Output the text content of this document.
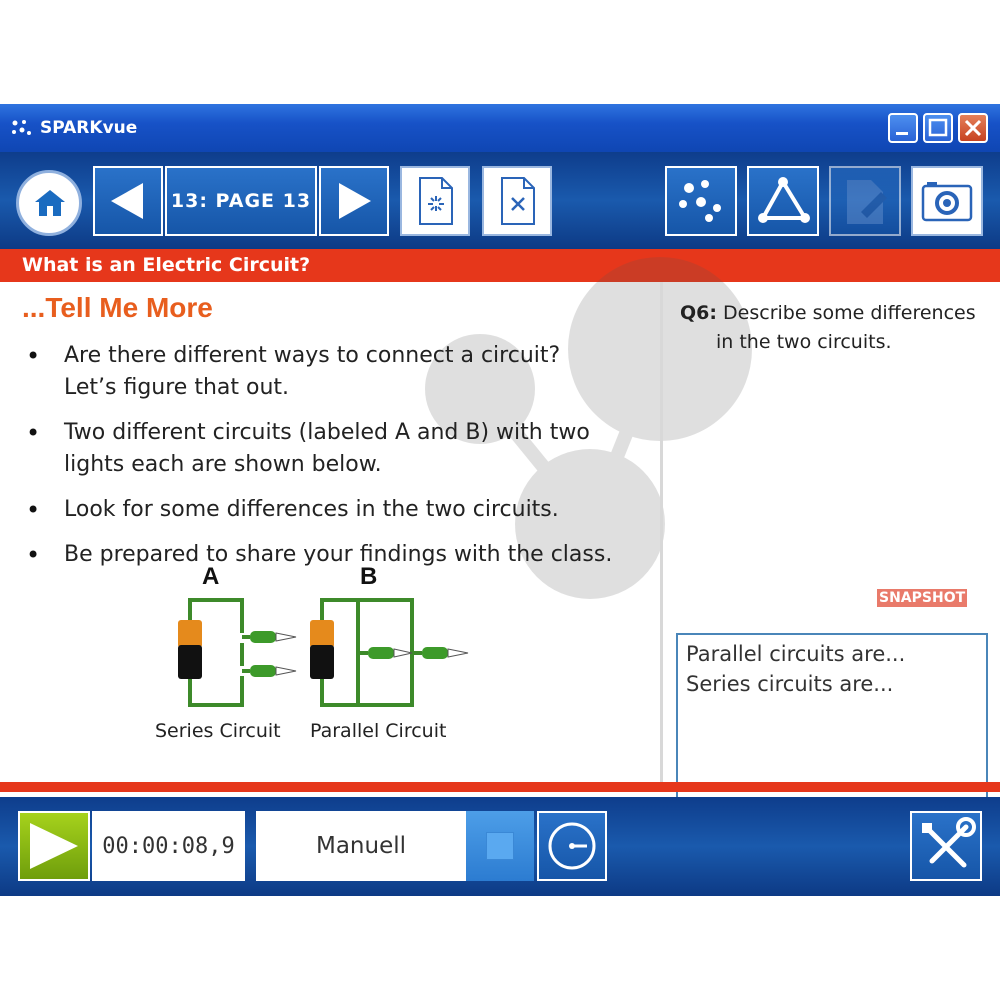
SPARKvue
13: PAGE 13
What is an Electric Circuit?
...Tell Me More
• Are there different ways to connect a circuit?
Let’s figure that out.
• Two different circuits (labeled A and B) with two
lights each are shown below.
• Look for some differences in the two circuits.
• Be prepared to share your findings with the class.
A	B
Series Circuit Parallel Circuit
Q6: Describe some differences
in the two circuits.
SNAPSHOT
Parallel circuits are...
Series circuits are...
00:00:08,9	Manuell
